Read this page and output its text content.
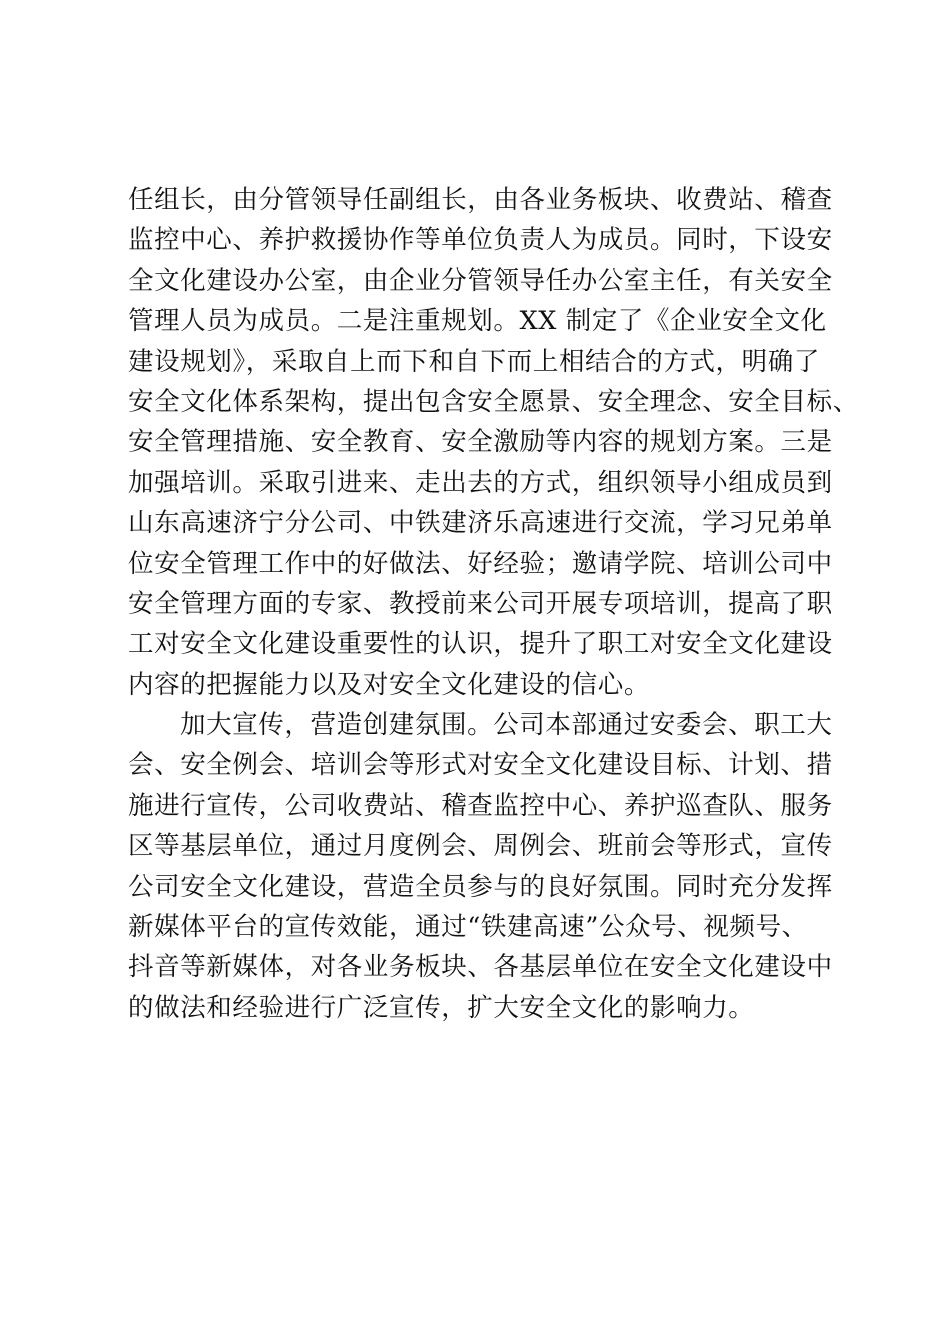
任组长，由分管领导任副组长，由各业务板块、收费站、稽查
监控中心、养护救援协作等单位负责人为成员。同时，下设安
全文化建设办公室，由企业分管领导任办公室主任，有关安全
管理人员为成员。二是注重规划。XX 制定了《企业安全文化
建设规划》，采取自上而下和自下而上相结合的方式，明确了
安全文化体系架构，提出包含安全愿景、安全理念、安全目标、
安全管理措施、安全教育、安全激励等内容的规划方案。三是
加强培训。采取引进来、走出去的方式，组织领导小组成员到
山东高速济宁分公司、中铁建济乐高速进行交流，学习兄弟单
位安全管理工作中的好做法、好经验；邀请学院、培训公司中
安全管理方面的专家、教授前来公司开展专项培训，提高了职
工对安全文化建设重要性的认识，提升了职工对安全文化建设
内容的把握能力以及对安全文化建设的信心。
加大宣传，营造创建氛围。公司本部通过安委会、职工大
会、安全例会、培训会等形式对安全文化建设目标、计划、措
施进行宣传，公司收费站、稽查监控中心、养护巡查队、服务
区等基层单位，通过月度例会、周例会、班前会等形式，宣传
公司安全文化建设，营造全员参与的良好氛围。同时充分发挥
新媒体平台的宣传效能，通过“铁建高速”公众号、视频号、
抖音等新媒体，对各业务板块、各基层单位在安全文化建设中
的做法和经验进行广泛宣传，扩大安全文化的影响力。
